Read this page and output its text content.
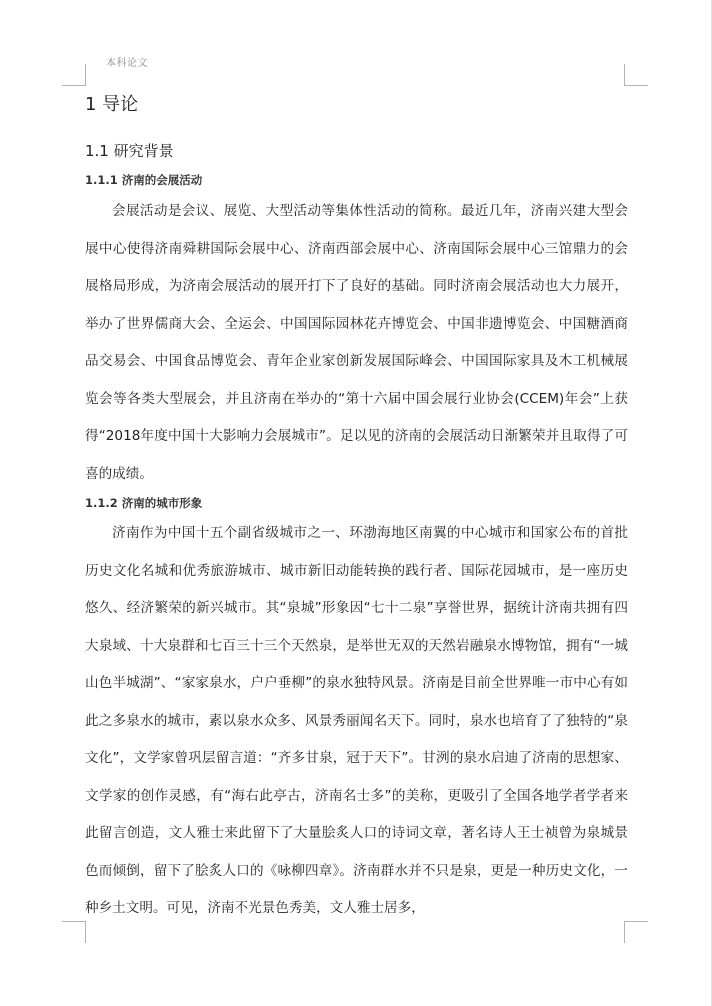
本科论文
1 导论
1.1 研究背景
1.1.1 济南的会展活动
会展活动是会议、展览、大型活动等集体性活动的简称。最近几年，济南兴建大型会展中心使得济南舜耕国际会展中心、济南西部会展中心、济南国际会展中心三馆鼎力的会展格局形成，为济南会展活动的展开打下了良好的基础。同时济南会展活动也大力展开，举办了世界儒商大会、全运会、中国国际园林花卉博览会、中国非遗博览会、中国糖酒商品交易会、中国食品博览会、青年企业家创新发展国际峰会、中国国际家具及木工机械展览会等各类大型展会，并且济南在举办的“第十六届中国会展行业协会(CCEM)年会”上获得“2018年度中国十大影响力会展城市”。足以见的济南的会展活动日渐繁荣并且取得了可喜的成绩。
1.1.2 济南的城市形象
济南作为中国十五个副省级城市之一、环渤海地区南翼的中心城市和国家公布的首批历史文化名城和优秀旅游城市、城市新旧动能转换的践行者、国际花园城市，是一座历史悠久、经济繁荣的新兴城市。其“泉城”形象因“七十二泉”享誉世界，据统计济南共拥有四大泉域、十大泉群和七百三十三个天然泉，是举世无双的天然岩融泉水博物馆，拥有“一城山色半城湖”、“家家泉水，户户垂柳”的泉水独特风景。济南是目前全世界唯一市中心有如此之多泉水的城市，素以泉水众多、风景秀丽闻名天下。同时，泉水也培育了了独特的“泉文化”，文学家曾巩层留言道：“齐多甘泉，冠于天下”。甘洌的泉水启迪了济南的思想家、文学家的创作灵感，有“海右此亭古，济南名士多”的美称，更吸引了全国各地学者学者来此留言创造，文人雅士来此留下了大量脍炙人口的诗词文章，著名诗人王士祯曾为泉城景色而倾倒，留下了脍炙人口的《咏柳四章》。济南群水并不只是泉，更是一种历史文化，一种乡土文明。可见，济南不光景色秀美，文人雅士居多，
